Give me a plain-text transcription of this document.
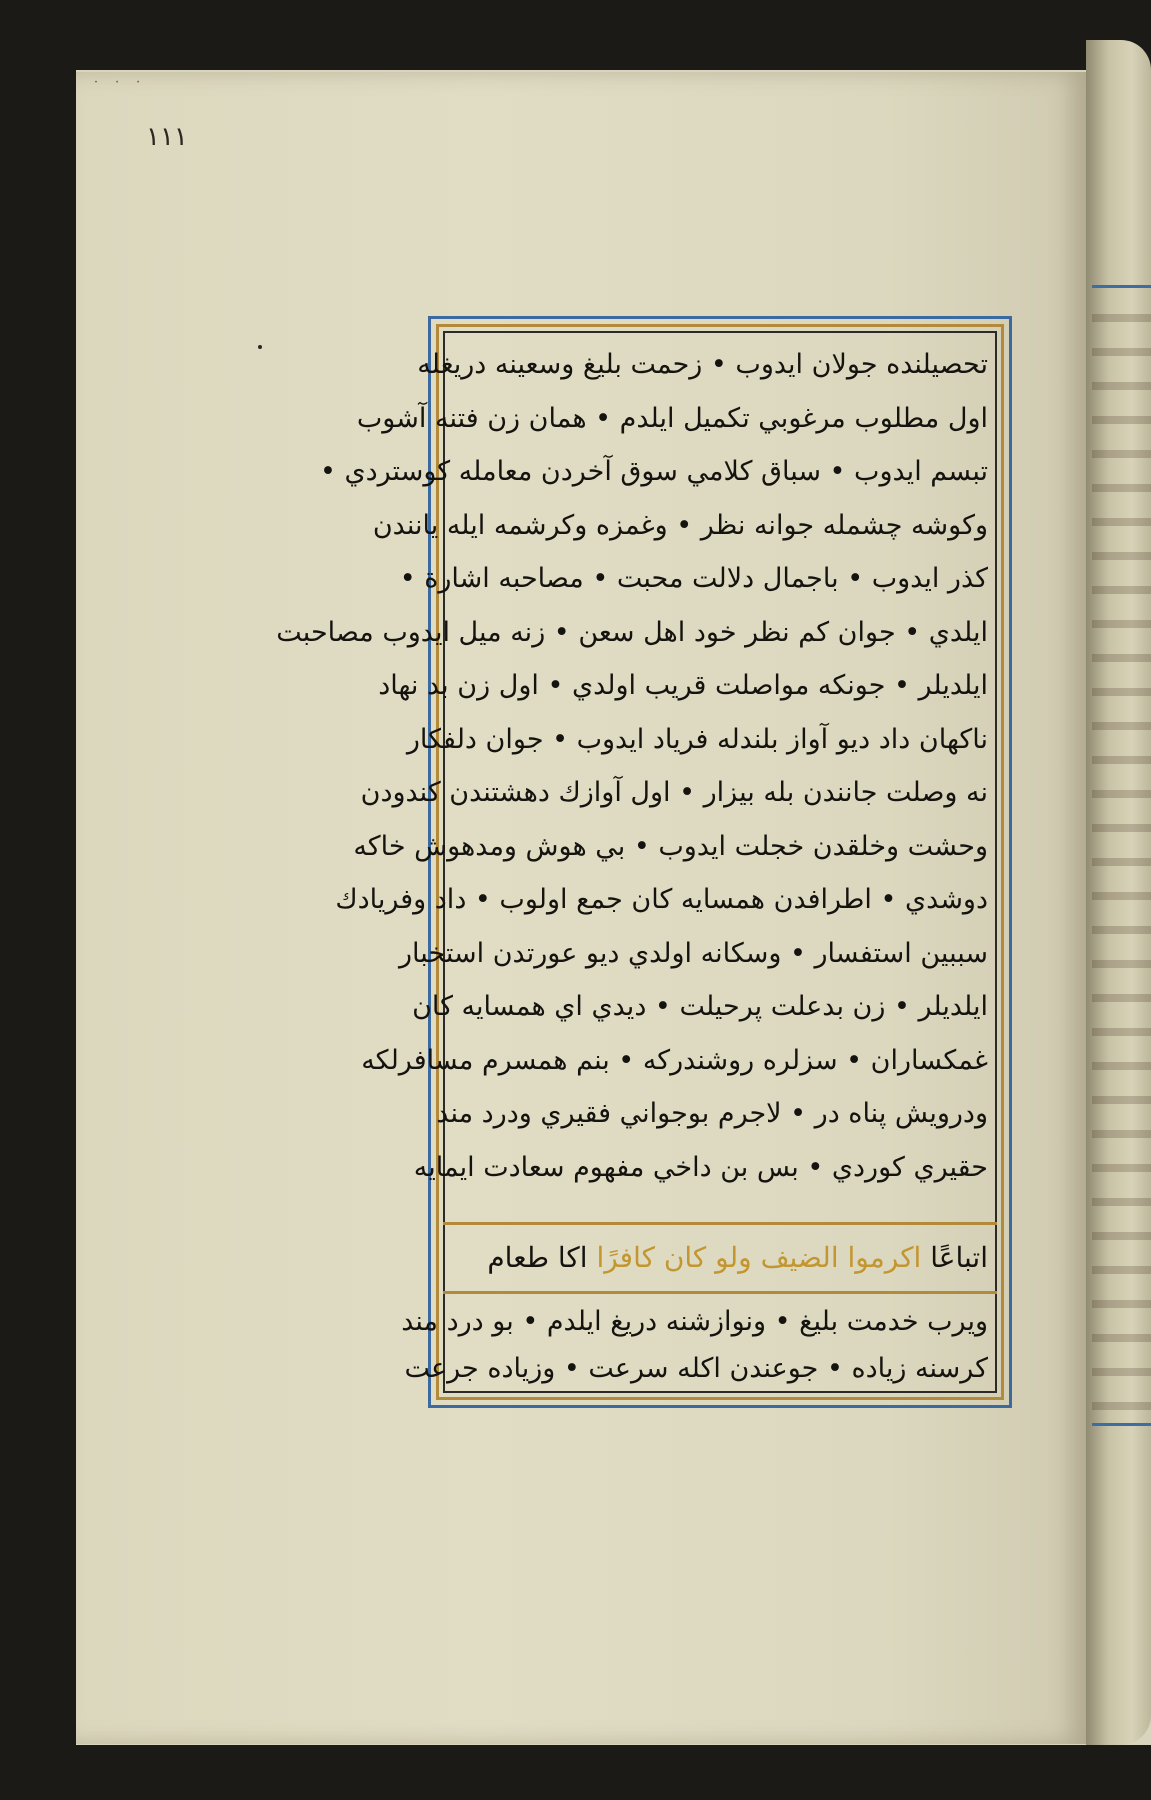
˙ ˙ ˙
۱۱۱
تحصيلنده جولان ايدوب • زحمت بليغ وسعينه دريغله
اول مطلوب مرغوبي تكميل ايلدم • همان زن فتنه آشوب
تبسم ايدوب • سباق كلامي سوق آخردن معامله كوستردي •
وكوشه چشمله جوانه نظر • وغمزه وكرشمه ايله يانندن
كذر ايدوب • باجمال دلالت محبت • مصاحبه اشارة •
ايلدي • جوان كم نظر خود اهل سعن • زنه ميل ايدوب مصاحبت
ايلديلر • جونكه مواصلت قريب اولدي • اول زن بد نهاد
ناكهان داد ديو آواز بلندله فرياد ايدوب • جوان دلفكار
نه وصلت جانندن بله بيزار • اول آوازك دهشتندن كندودن
وحشت وخلقدن خجلت ايدوب • بي هوش ومدهوش خاكه
دوشدي • اطرافدن همسايه كان جمع اولوب • داد وفريادك
سببين استفسار • وسكانه اولدي ديو عورتدن استخبار
ايلديلر • زن بدعلت پرحيلت • ديدي اي همسايه كان
غمكساران • سزلره روشندركه • بنم همسرم مسافرلكه
ودرويش پناه در • لاجرم بوجواني فقيري ودرد مند
حقيري كوردي • بس بن داخي مفهوم سعادت ايمايه
اتباعًا اكرموا الضيف ولو كان كافرًا اكا طعام
ويرب خدمت بليغ • ونوازشنه دريغ ايلدم • بو درد مند
كرسنه زياده • جوعندن اكله سرعت • وزياده جرعت
